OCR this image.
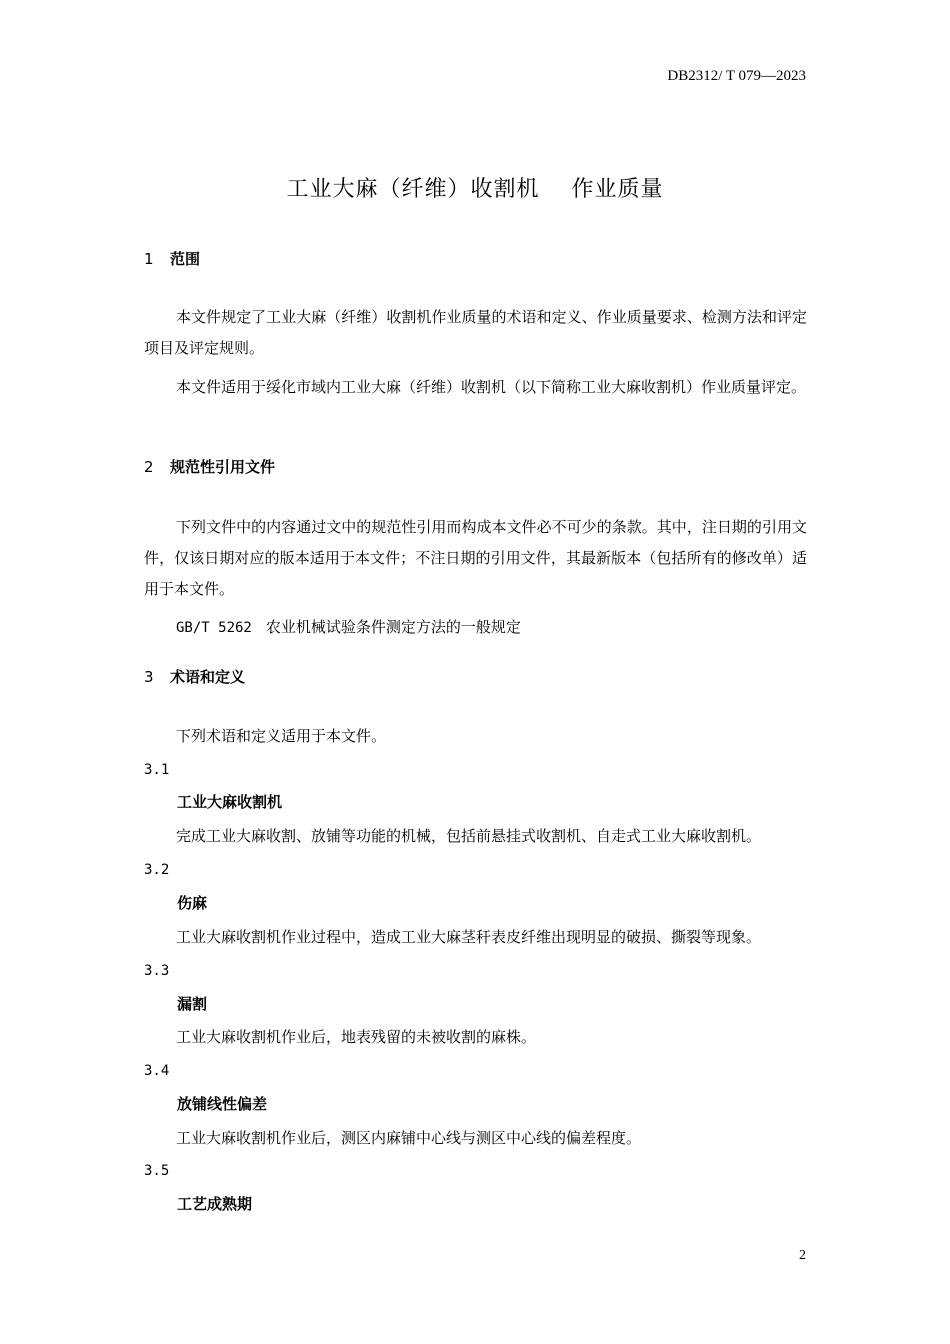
DB2312/ T 079—2023
工业大麻（纤维）收割机    作业质量
1 范围
本文件规定了工业大麻（纤维）收割机作业质量的术语和定义、作业质量要求、检测方法和评定项目及评定规则。
本文件适用于绥化市域内工业大麻（纤维）收割机（以下简称工业大麻收割机）作业质量评定。
2 规范性引用文件
下列文件中的内容通过文中的规范性引用而构成本文件必不可少的条款。其中，注日期的引用文件，仅该日期对应的版本适用于本文件；不注日期的引用文件，其最新版本（包括所有的修改单）适用于本文件。
GB/T 5262 农业机械试验条件测定方法的一般规定
3 术语和定义
下列术语和定义适用于本文件。
3.1
工业大麻收割机
完成工业大麻收割、放铺等功能的机械，包括前悬挂式收割机、自走式工业大麻收割机。
3.2
伤麻
工业大麻收割机作业过程中，造成工业大麻茎秆表皮纤维出现明显的破损、撕裂等现象。
3.3
漏割
工业大麻收割机作业后，地表残留的未被收割的麻株。
3.4
放铺线性偏差
工业大麻收割机作业后，测区内麻铺中心线与测区中心线的偏差程度。
3.5
工艺成熟期
2
